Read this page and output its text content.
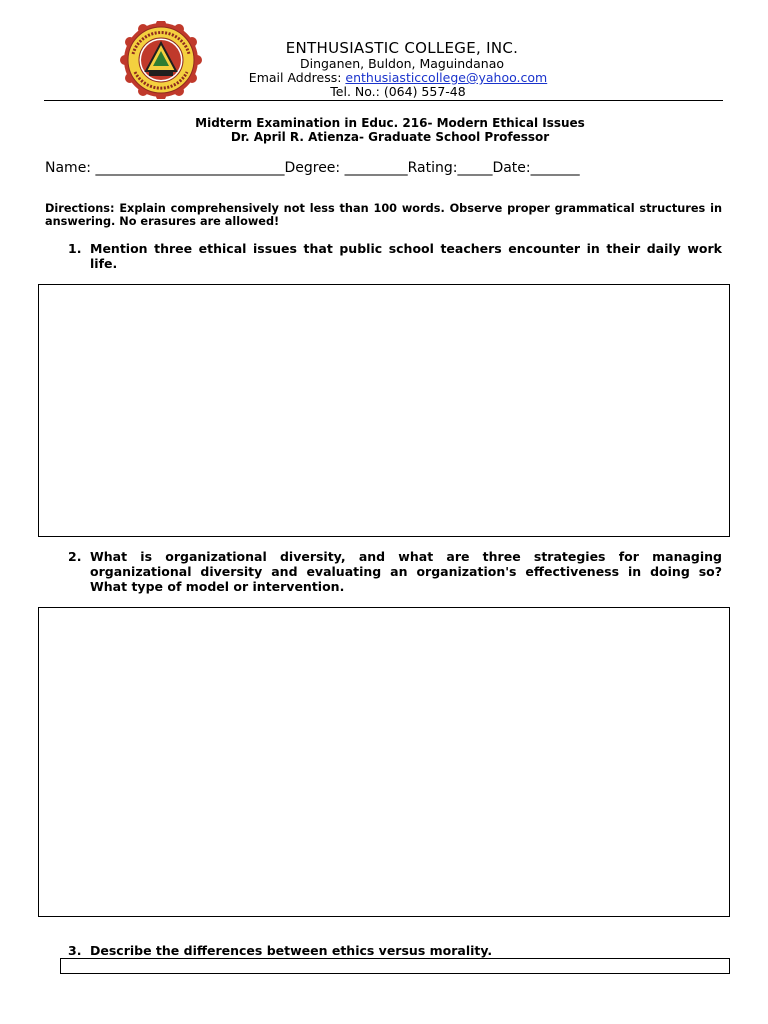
ENTHUSIASTIC COLLEGE, INC.
Dinganen, Buldon, Maguindanao
Email Address: enthusiasticcollege@yahoo.com
Tel. No.: (064) 557-48
Midterm Examination in Educ. 216- Modern Ethical Issues
Dr. April R. Atienza- Graduate School Professor
Name: ___________________________Degree: _________Rating:_____Date:_______
Directions: Explain comprehensively not less than 100 words. Observe proper grammatical structures in answering. No erasures are allowed!
1. Mention three ethical issues that public school teachers encounter in their daily work life.
2. What is organizational diversity, and what are three strategies for managing organizational diversity and evaluating an organization's effectiveness in doing so? What type of model or intervention.
3. Describe the differences between ethics versus morality.
